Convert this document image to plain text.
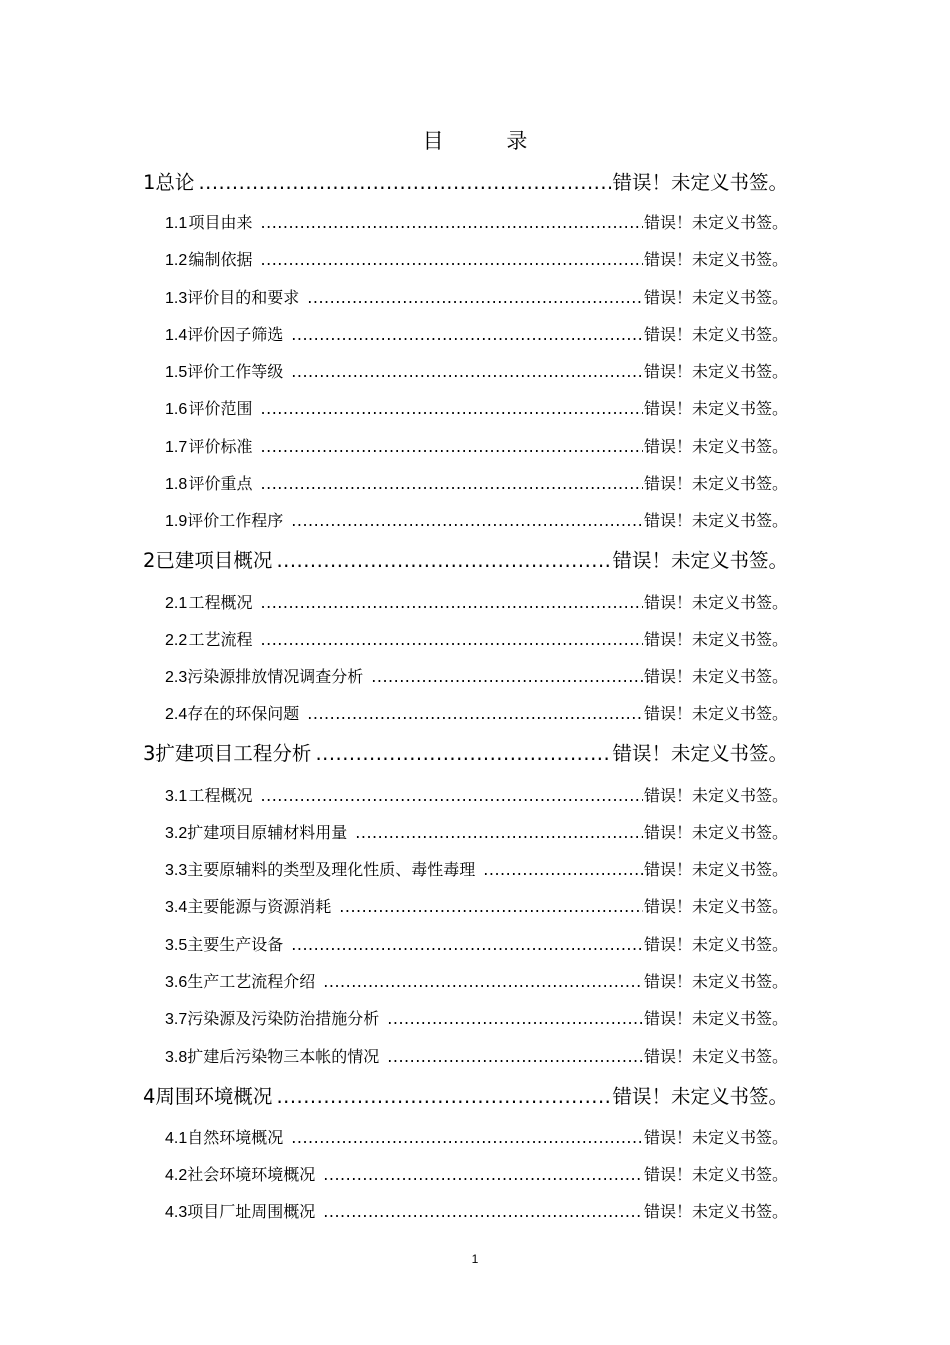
目 录
1 总论 .....	错误！未定义书签。
1.1 项目由来 .....	错误！未定义书签。
1.2 编制依据 .....	错误！未定义书签。
1.3 评价目的和要求 .....	错误！未定义书签。
1.4 评价因子筛选 .....	错误！未定义书签。
1.5 评价工作等级 .....	错误！未定义书签。
1.6 评价范围 .....	错误！未定义书签。
1.7 评价标准 .....	错误！未定义书签。
1.8 评价重点 .....	错误！未定义书签。
1.9 评价工作程序 .....	错误！未定义书签。
2 已建项目概况 .....	错误！未定义书签。
2.1 工程概况 .....	错误！未定义书签。
2.2 工艺流程 .....	错误！未定义书签。
2.3 污染源排放情况调查分析 .....	错误！未定义书签。
2.4 存在的环保问题 .....	错误！未定义书签。
3 扩建项目工程分析 .....	错误！未定义书签。
3.1 工程概况 .....	错误！未定义书签。
3.2 扩建项目原辅材料用量 .....	错误！未定义书签。
3.3 主要原辅料的类型及理化性质、毒性毒理 .....	错误！未定义书签。
3.4 主要能源与资源消耗 .....	错误！未定义书签。
3.5 主要生产设备 .....	错误！未定义书签。
3.6 生产工艺流程介绍 .....	错误！未定义书签。
3.7 污染源及污染防治措施分析 .....	错误！未定义书签。
3.8 扩建后污染物三本帐的情况 .....	错误！未定义书签。
4 周围环境概况 .....	错误！未定义书签。
4.1 自然环境概况 .....	错误！未定义书签。
4.2 社会环境环境概况 .....	错误！未定义书签。
4.3 项目厂址周围概况 .....	错误！未定义书签。
1
